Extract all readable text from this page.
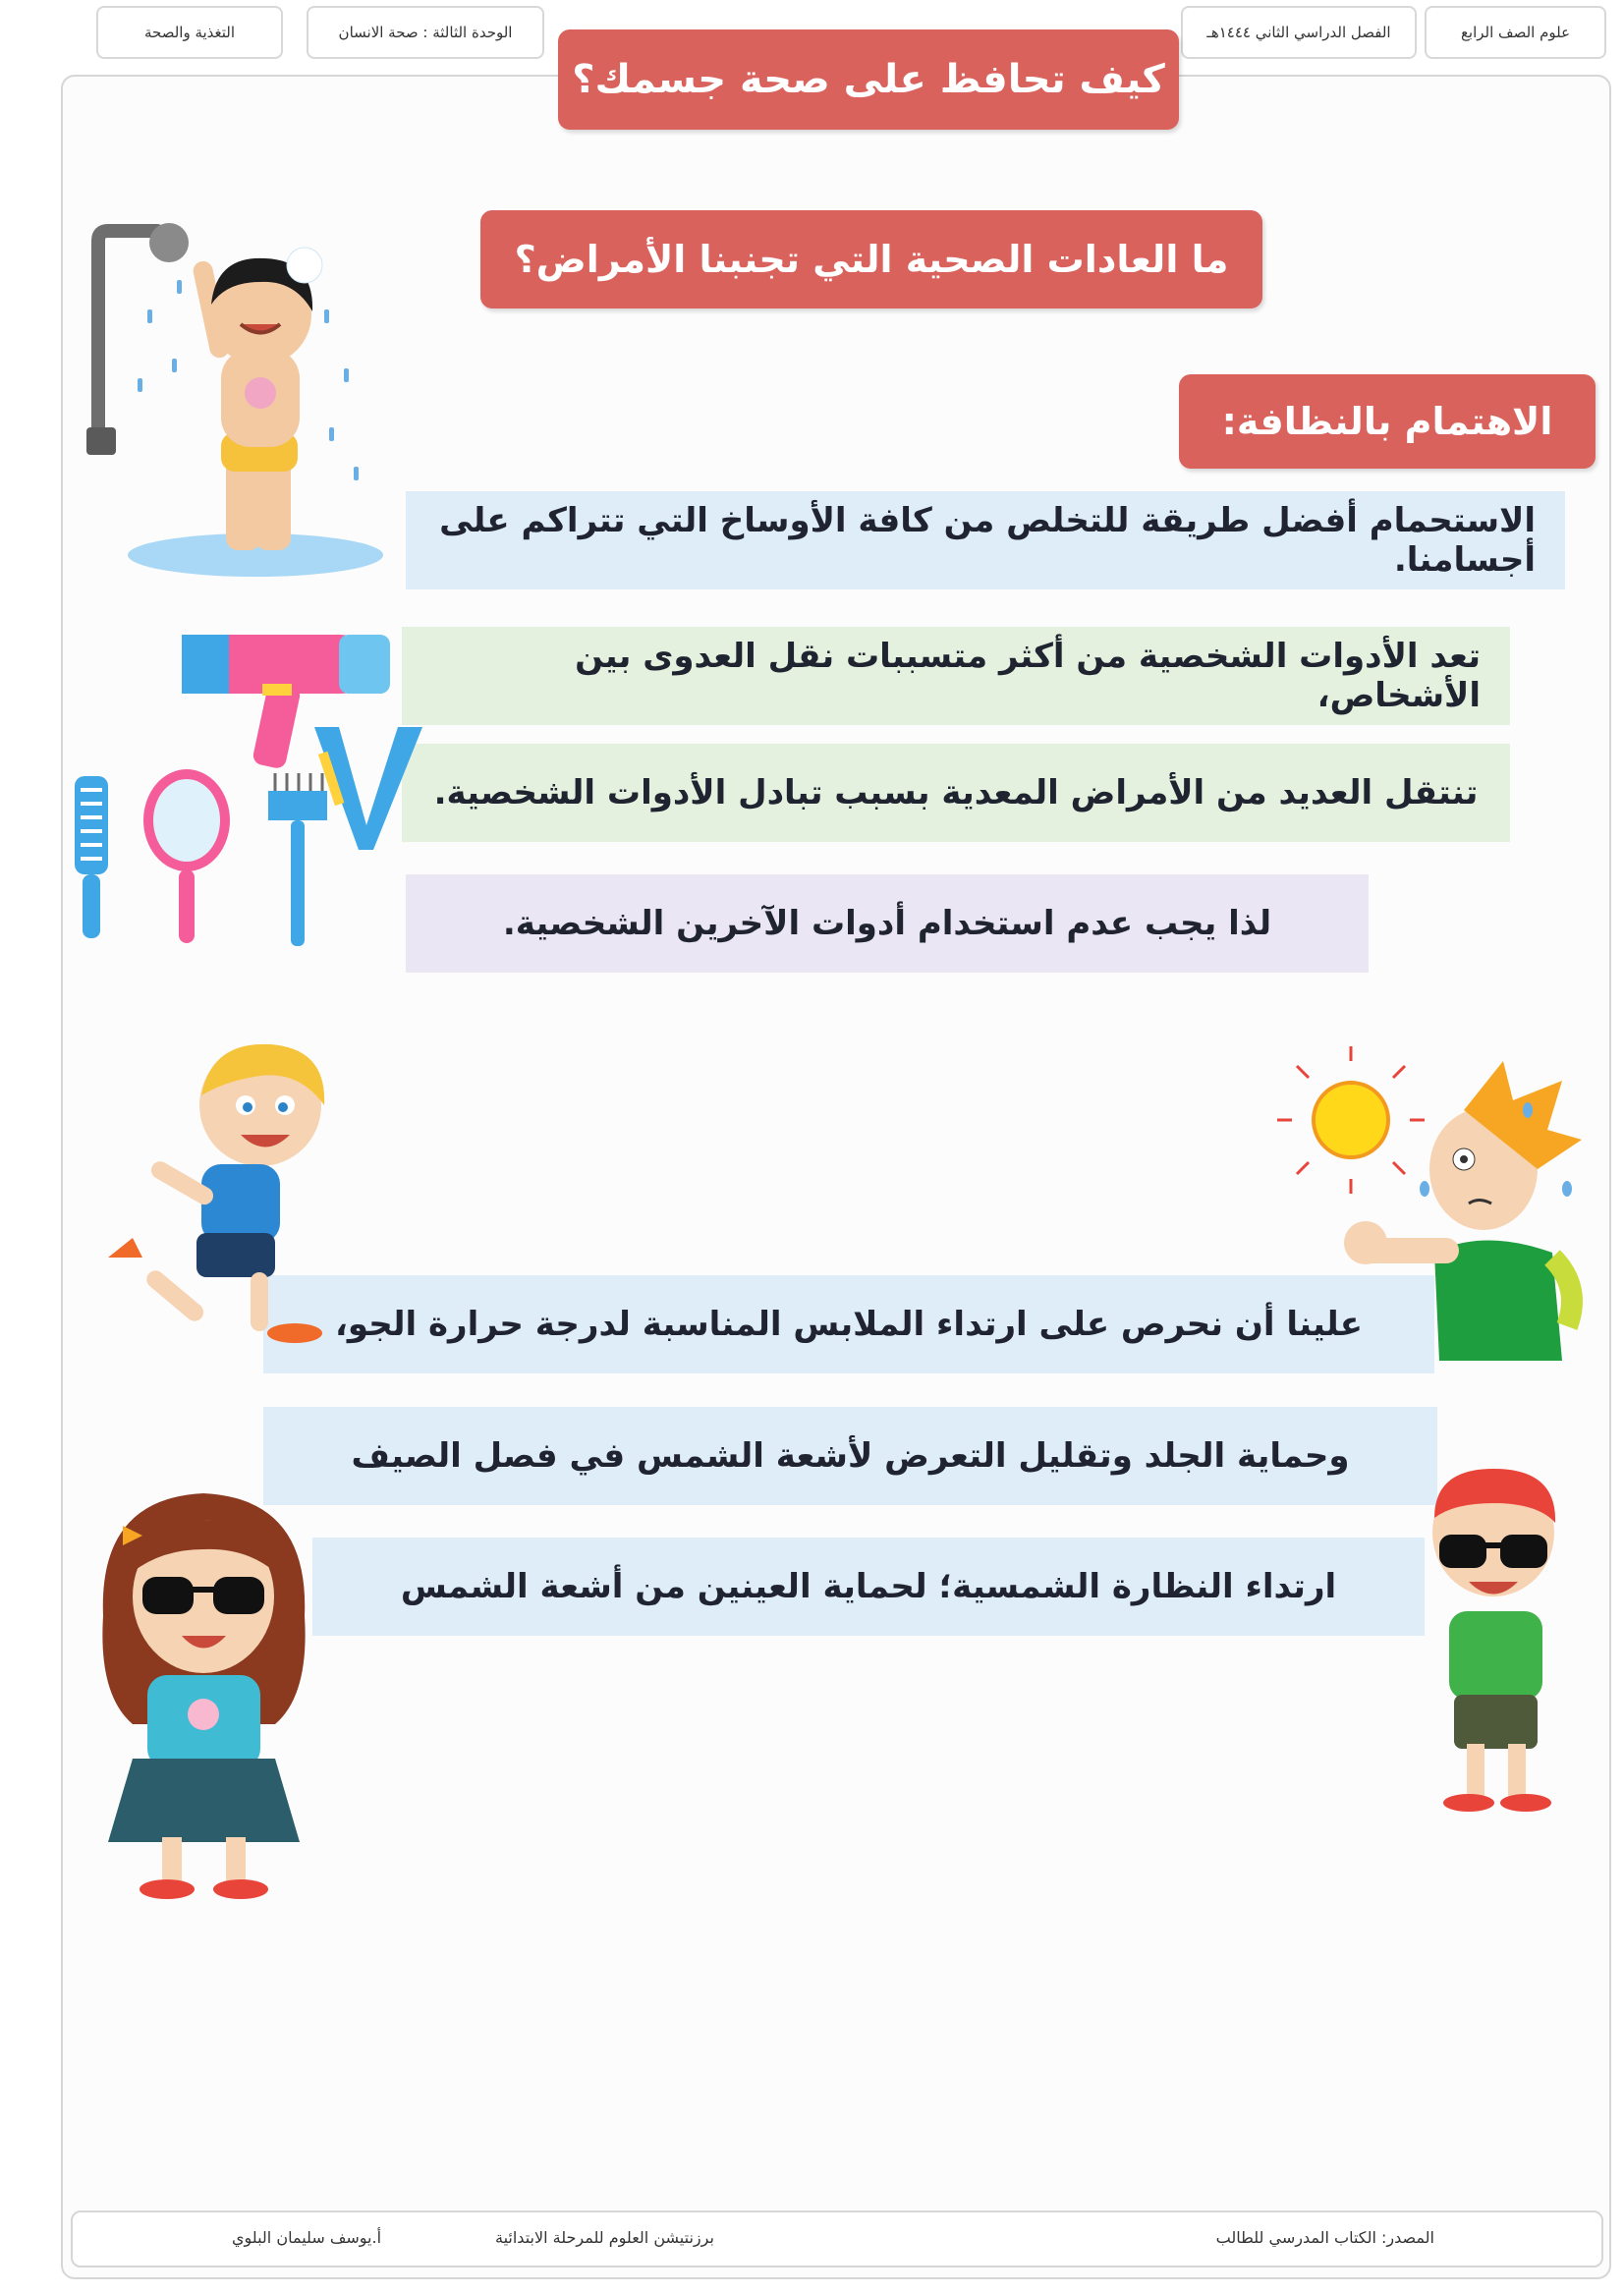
علوم الصف الرابع
الفصل الدراسي الثاني ١٤٤٤هـ
الوحدة الثالثة : صحة الانسان
التغذية والصحة
كيف تحافظ على صحة جسمك؟
ما العادات الصحية التي تجنبنا الأمراض؟
الاهتمام بالنظافة:
الاستحمام أفضل طريقة للتخلص من كافة الأوساخ التي تتراكم على أجسامنا.
تعد الأدوات الشخصية من أكثر متسببات نقل العدوى بين الأشخاص،
تنتقل العديد من الأمراض المعدية بسبب تبادل الأدوات الشخصية.
لذا يجب عدم استخدام أدوات الآخرين الشخصية.
علينا أن نحرص على ارتداء الملابس المناسبة لدرجة حرارة الجو،
وحماية الجلد وتقليل التعرض لأشعة الشمس في فصل الصيف
ارتداء النظارة الشمسية؛ لحماية العينين من أشعة الشمس
المصدر: الكتاب المدرسي للطالب
برزنتيشن العلوم للمرحلة الابتدائية
أ.يوسف سليمان البلوي
